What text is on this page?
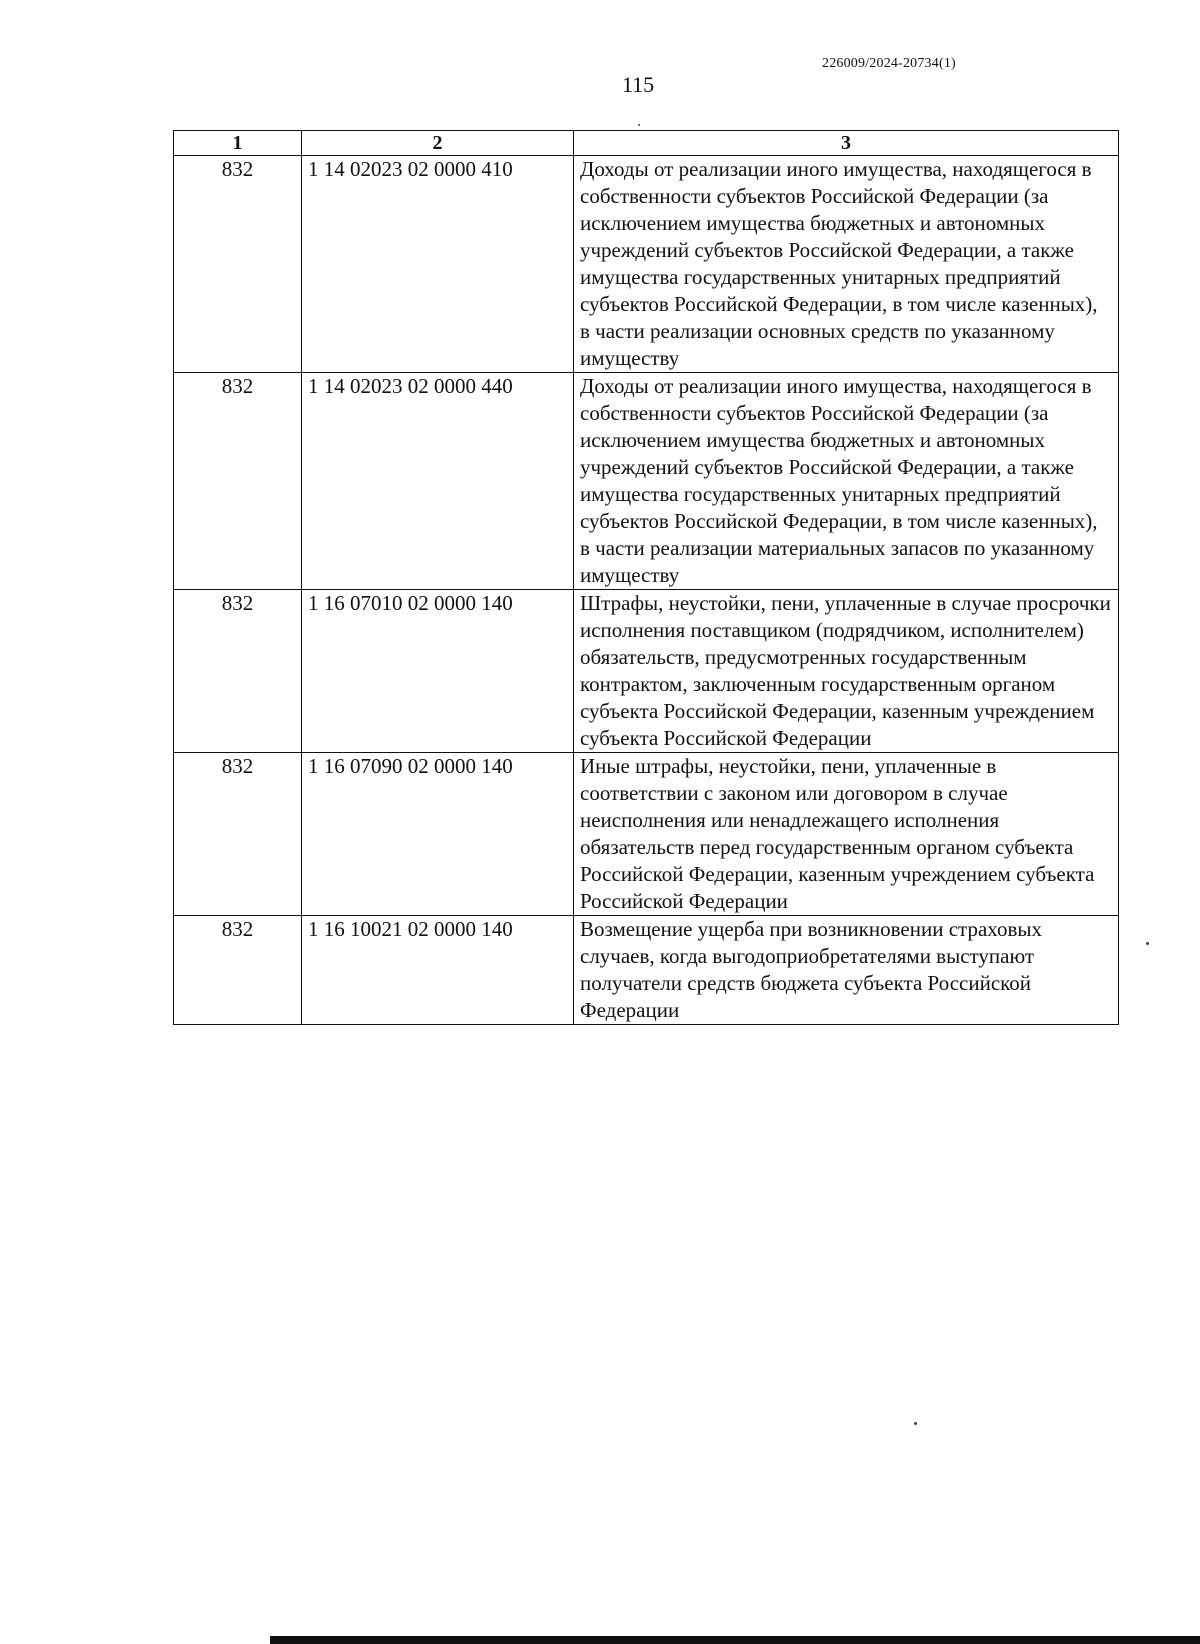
226009/2024-20734(1)
115
1	2	3
832	1 14 02023 02 0000 410	Доходы от реализации иного имущества, находящегося в собственности субъектов Российской Федерации (за исключением имущества бюджетных и автономных учреждений субъектов Российской Федерации, а также имущества государственных унитарных предприятий субъектов Российской Федерации, в том числе казенных), в части реализации основных средств по указанному имуществу
832	1 14 02023 02 0000 440	Доходы от реализации иного имущества, находящегося в собственности субъектов Российской Федерации (за исключением имущества бюджетных и автономных учреждений субъектов Российской Федерации, а также имущества государственных унитарных предприятий субъектов Российской Федерации, в том числе казенных), в части реализации материальных запасов по указанному имуществу
832	1 16 07010 02 0000 140	Штрафы, неустойки, пени, уплаченные в случае просрочки исполнения поставщиком (подрядчиком, исполнителем) обязательств, предусмотренных государственным контрактом, заключенным государственным органом субъекта Российской Федерации, казенным учреждением субъекта Российской Федерации
832	1 16 07090 02 0000 140	Иные штрафы, неустойки, пени, уплаченные в соответствии с законом или договором в случае неисполнения или ненадлежащего исполнения обязательств перед государственным органом субъекта Российской Федерации, казенным учреждением субъекта Российской Федерации
832	1 16 10021 02 0000 140	Возмещение ущерба при возникновении страховых случаев, когда выгодоприобретателями выступают получатели средств бюджета субъекта Российской Федерации
